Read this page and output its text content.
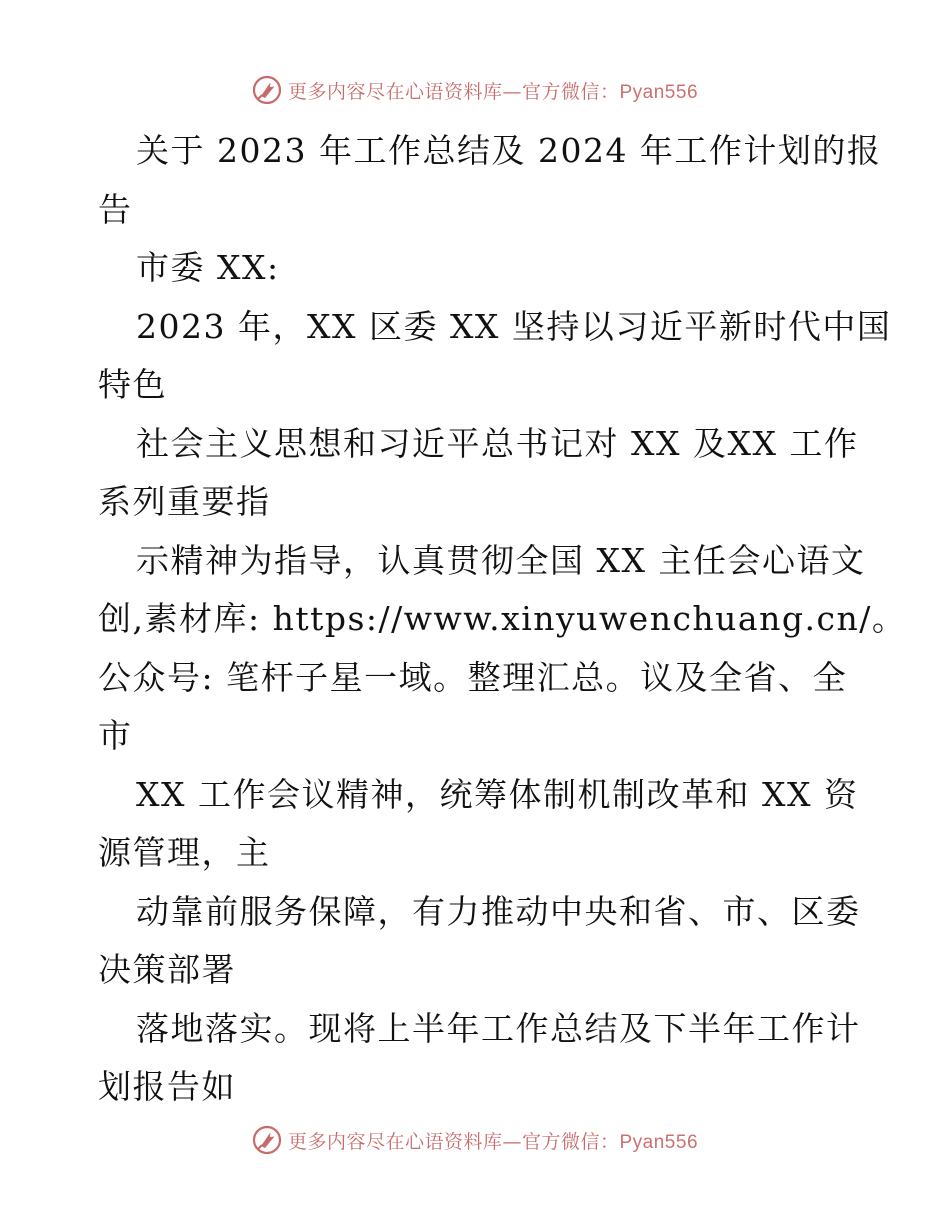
更多内容尽在心语资料库—官方微信：Pyan556
关于 2023 年工作总结及 2024 年工作计划的报
告
市委 XX:
2023 年，XX 区委 XX 坚持以习近平新时代中国
特色
社会主义思想和习近平总书记对 XX 及XX 工作
系列重要指
示精神为指导，认真贯彻全国 XX 主任会心语文
创,素材库: https://www.xinyuwenchuang.cn/。
公众号: 笔杆子星一域。整理汇总。议及全省、全
市
XX 工作会议精神，统筹体制机制改革和 XX 资
源管理，主
动靠前服务保障，有力推动中央和省、市、区委
决策部署
落地落实。现将上半年工作总结及下半年工作计
划报告如
更多内容尽在心语资料库—官方微信：Pyan556
